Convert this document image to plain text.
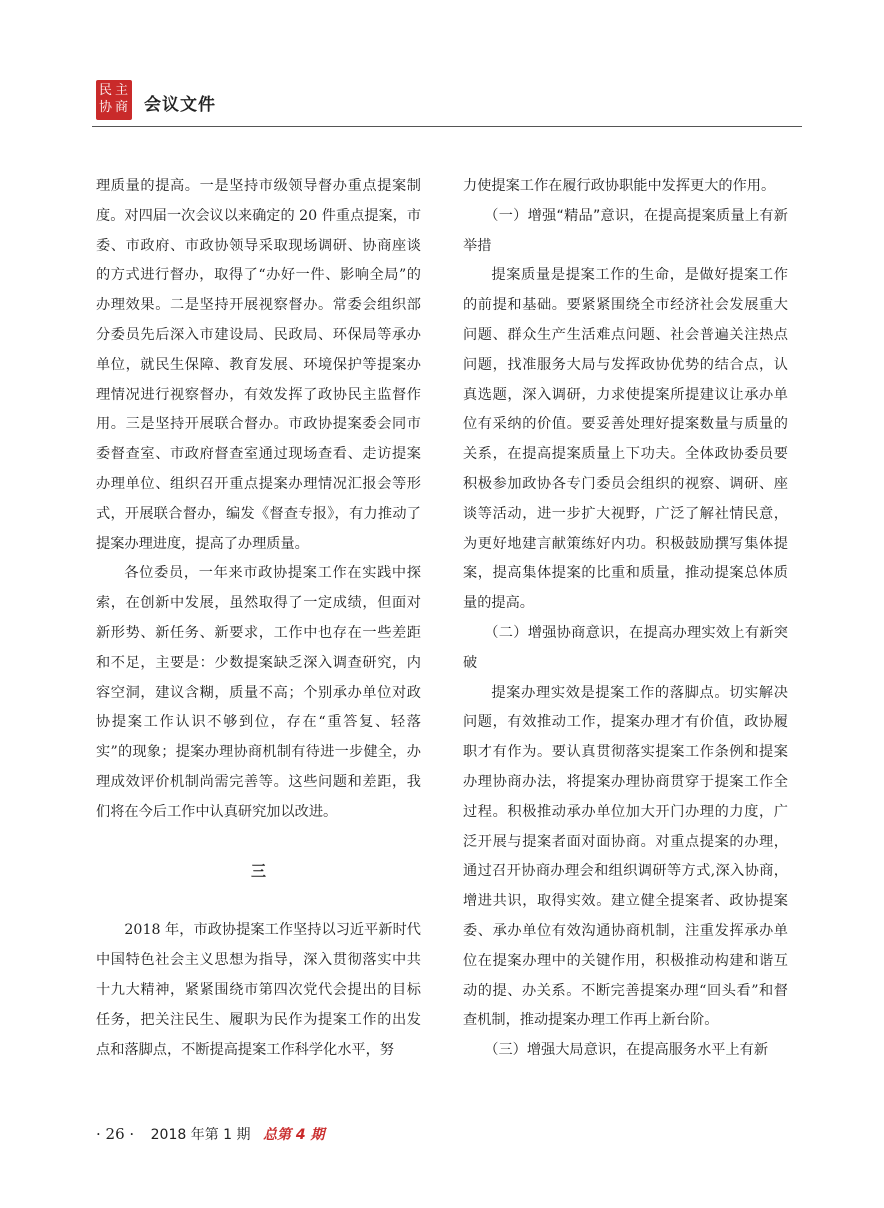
民 主
协 商 会议文件

理质量的提高。一是坚持市级领导督办重点提案制度。对四届一次会议以来确定的 20 件重点提案，市委、市政府、市政协领导采取现场调研、协商座谈的方式进行督办，取得了“办好一件、影响全局”的办理效果。二是坚持开展视察督办。常委会组织部分委员先后深入市建设局、民政局、环保局等承办单位，就民生保障、教育发展、环境保护等提案办理情况进行视察督办，有效发挥了政协民主监督作用。三是坚持开展联合督办。市政协提案委会同市委督查室、市政府督查室通过现场查看、走访提案办理单位、组织召开重点提案办理情况汇报会等形式，开展联合督办，编发《督查专报》，有力推动了提案办理进度，提高了办理质量。

各位委员，一年来市政协提案工作在实践中探索，在创新中发展，虽然取得了一定成绩，但面对新形势、新任务、新要求，工作中也存在一些差距和不足，主要是：少数提案缺乏深入调查研究，内容空洞，建议含糊，质量不高；个别承办单位对政协提案工作认识不够到位，存在“重答复、轻落实”的现象；提案办理协商机制有待进一步健全，办理成效评价机制尚需完善等。这些问题和差距，我们将在今后工作中认真研究加以改进。

三

2018 年，市政协提案工作坚持以习近平新时代中国特色社会主义思想为指导，深入贯彻落实中共十九大精神，紧紧围绕市第四次党代会提出的目标任务，把关注民生、履职为民作为提案工作的出发点和落脚点，不断提高提案工作科学化水平，努

力使提案工作在履行政协职能中发挥更大的作用。

（一）增强“精品”意识，在提高提案质量上有新举措

提案质量是提案工作的生命，是做好提案工作的前提和基础。要紧紧围绕全市经济社会发展重大问题、群众生产生活难点问题、社会普遍关注热点问题，找准服务大局与发挥政协优势的结合点，认真选题，深入调研，力求使提案所提建议让承办单位有采纳的价值。要妥善处理好提案数量与质量的关系，在提高提案质量上下功夫。全体政协委员要积极参加政协各专门委员会组织的视察、调研、座谈等活动，进一步扩大视野，广泛了解社情民意，为更好地建言献策练好内功。积极鼓励撰写集体提案，提高集体提案的比重和质量，推动提案总体质量的提高。

（二）增强协商意识，在提高办理实效上有新突破

提案办理实效是提案工作的落脚点。切实解决问题，有效推动工作，提案办理才有价值，政协履职才有作为。要认真贯彻落实提案工作条例和提案办理协商办法，将提案办理协商贯穿于提案工作全过程。积极推动承办单位加大开门办理的力度，广泛开展与提案者面对面协商。对重点提案的办理，通过召开协商办理会和组织调研等方式,深入协商，增进共识，取得实效。建立健全提案者、政协提案委、承办单位有效沟通协商机制，注重发挥承办单位在提案办理中的关键作用，积极推动构建和谐互动的提、办关系。不断完善提案办理“回头看”和督查机制，推动提案办理工作再上新台阶。

（三）增强大局意识，在提高服务水平上有新

· 26 · 2018 年第 1 期 总第 4 期
